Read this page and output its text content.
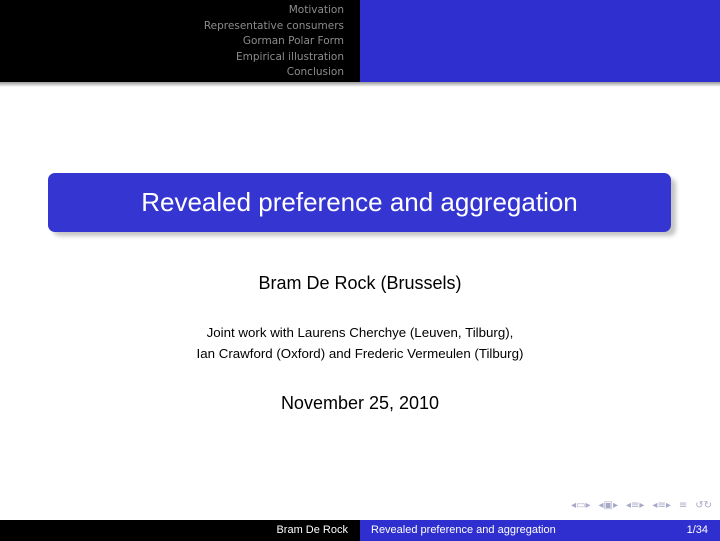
Motivation
Representative consumers
Gorman Polar Form
Empirical illustration
Conclusion
Revealed preference and aggregation
Bram De Rock (Brussels)
Joint work with Laurens Cherchye (Leuven, Tilburg),
Ian Crawford (Oxford) and Frederic Vermeulen (Tilburg)
November 25, 2010
◂▭▸ ◂▣▸ ◂≡▸ ◂≡▸ ≡ ↺↻
Bram De Rock	Revealed preference and aggregation	1/34
